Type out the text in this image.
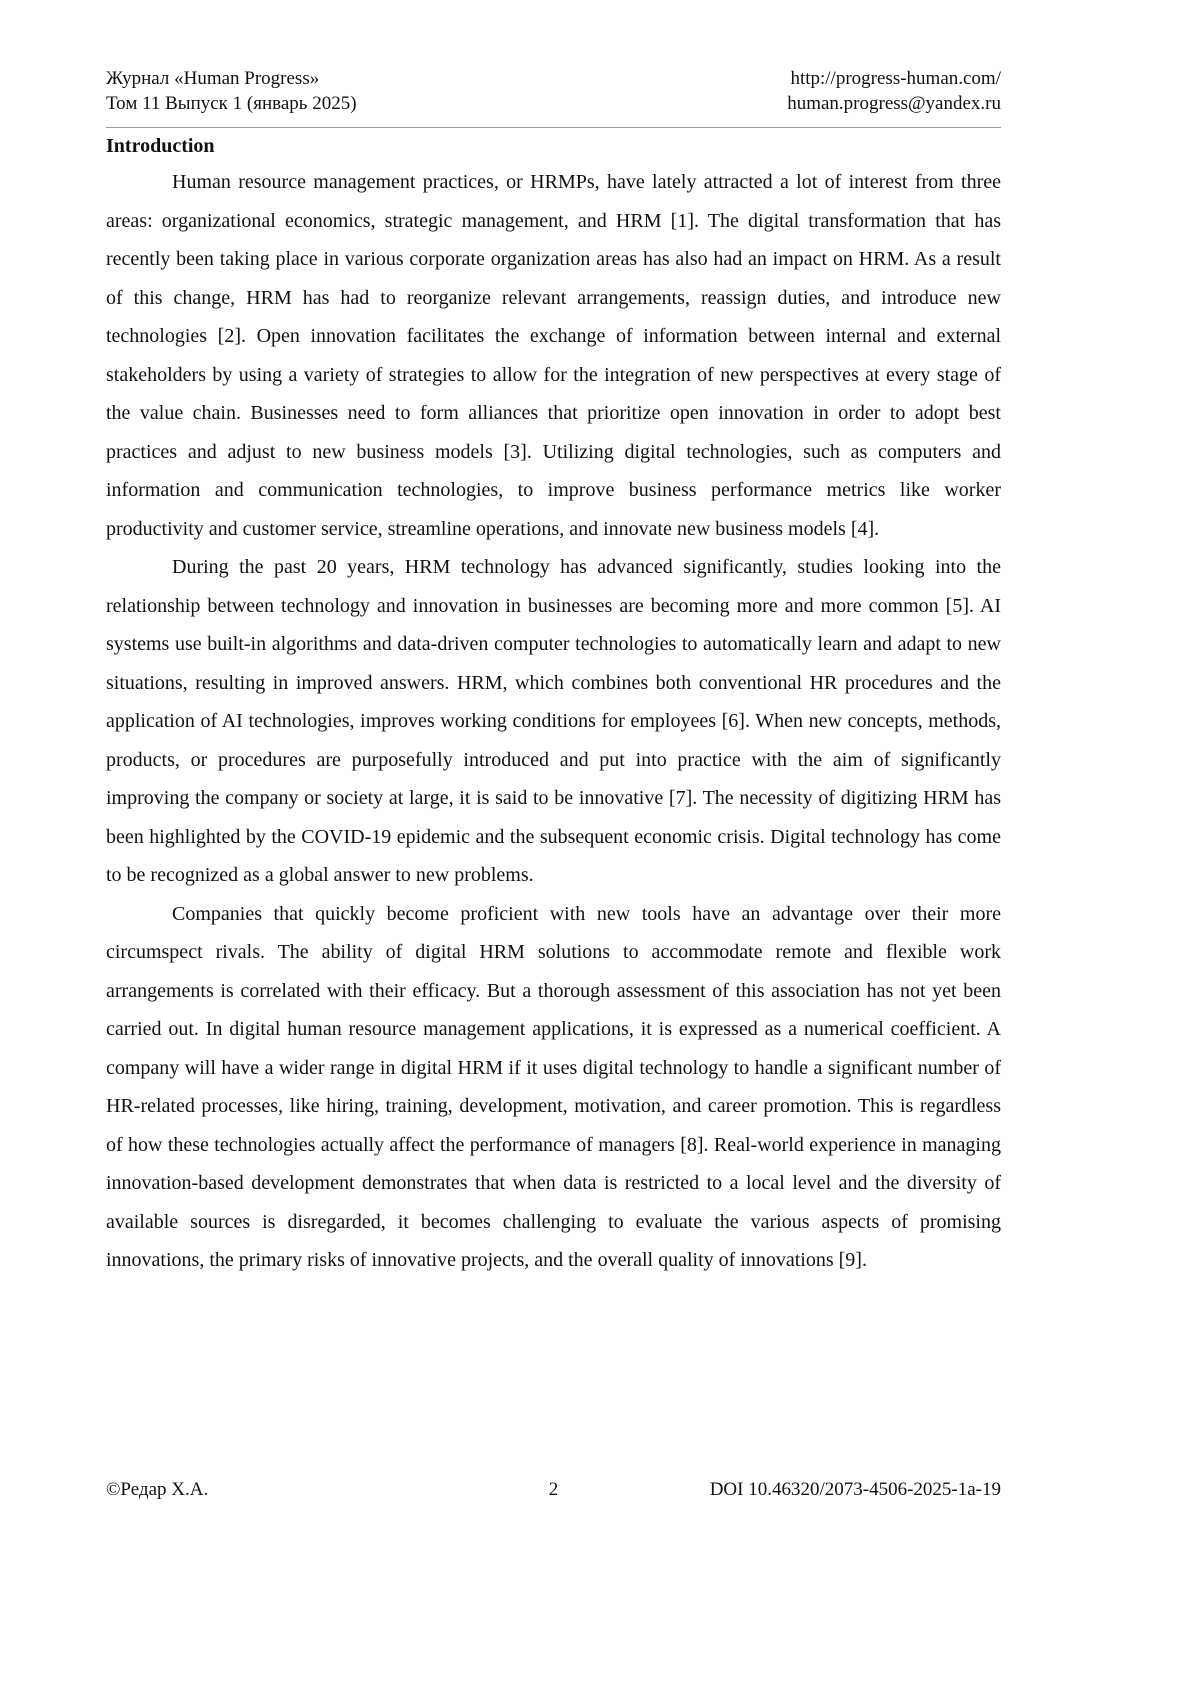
Журнал «Human Progress»
Том 11 Выпуск 1 (январь 2025)
http://progress-human.com/
human.progress@yandex.ru

Introduction

Human resource management practices, or HRMPs, have lately attracted a lot of interest from three areas: organizational economics, strategic management, and HRM [1]. The digital transformation that has recently been taking place in various corporate organization areas has also had an impact on HRM. As a result of this change, HRM has had to reorganize relevant arrangements, reassign duties, and introduce new technologies [2]. Open innovation facilitates the exchange of information between internal and external stakeholders by using a variety of strategies to allow for the integration of new perspectives at every stage of the value chain. Businesses need to form alliances that prioritize open innovation in order to adopt best practices and adjust to new business models [3]. Utilizing digital technologies, such as computers and information and communication technologies, to improve business performance metrics like worker productivity and customer service, streamline operations, and innovate new business models [4].

During the past 20 years, HRM technology has advanced significantly, studies looking into the relationship between technology and innovation in businesses are becoming more and more common [5]. AI systems use built-in algorithms and data-driven computer technologies to automatically learn and adapt to new situations, resulting in improved answers. HRM, which combines both conventional HR procedures and the application of AI technologies, improves working conditions for employees [6]. When new concepts, methods, products, or procedures are purposefully introduced and put into practice with the aim of significantly improving the company or society at large, it is said to be innovative [7]. The necessity of digitizing HRM has been highlighted by the COVID-19 epidemic and the subsequent economic crisis. Digital technology has come to be recognized as a global answer to new problems.

Companies that quickly become proficient with new tools have an advantage over their more circumspect rivals. The ability of digital HRM solutions to accommodate remote and flexible work arrangements is correlated with their efficacy. But a thorough assessment of this association has not yet been carried out. In digital human resource management applications, it is expressed as a numerical coefficient. A company will have a wider range in digital HRM if it uses digital technology to handle a significant number of HR-related processes, like hiring, training, development, motivation, and career promotion. This is regardless of how these technologies actually affect the performance of managers [8]. Real-world experience in managing innovation-based development demonstrates that when data is restricted to a local level and the diversity of available sources is disregarded, it becomes challenging to evaluate the various aspects of promising innovations, the primary risks of innovative projects, and the overall quality of innovations [9].

©Редар Х.А.	2	DOI 10.46320/2073-4506-2025-1a-19
